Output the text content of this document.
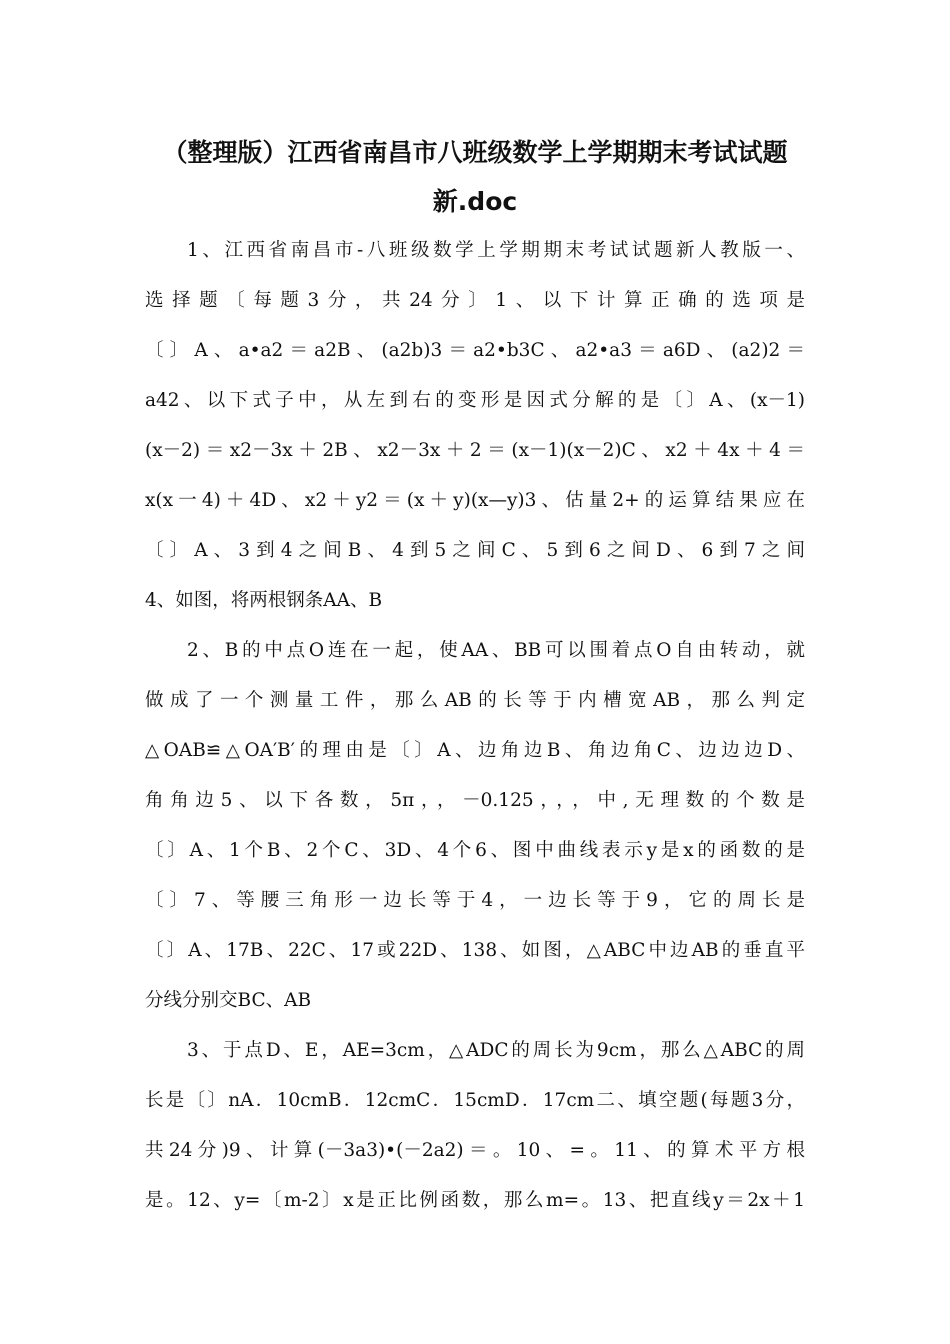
（整理版）江西省南昌市八班级数学上学期期末考试试题
新.doc
1、江西省南昌市-八班级数学上学期期末考试试题新人教版一、
选择题〔每题3分，共24分〕1、以下计算正确的选项是
〔〕A、a•a2＝a2B、(a2b)3＝a2•b3C、a2•a3＝a6D、(a2)2＝
a42、以下式子中，从左到右的变形是因式分解的是〔〕A、(x－1)
(x－2)＝x2－3x＋2B、x2－3x＋2＝(x－1)(x－2)C、x2＋4x＋4＝
x(x一4)＋4D、x2＋y2＝(x＋y)(x—y)3、估量2+的运算结果应在
〔〕A、3到4之间B、4到5之间C、5到6之间D、6到7之间
4、如图，将两根钢条AA、B
2、B的中点O连在一起，使AA、BB可以围着点O自由转动，就
做成了一个测量工件，那么AB的长等于内槽宽AB，那么判定
△OAB≌△OA′B′的理由是〔〕A、边角边B、角边角C、边边边D、
角角边5、以下各数，5π，，－0.125，，，中,无理数的个数是
〔〕A、1个B、2个C、3D、4个6、图中曲线表示y是x的函数的是
〔〕7、等腰三角形一边长等于4，一边长等于9，它的周长是
〔〕A、17B、22C、17或22D、138、如图，△ABC中边AB的垂直平
分线分别交BC、AB
3、于点D、E，AE=3cm，△ADC的周长为9cm，那么△ABC的周
长是〔〕nA．10cmB．12cmC．15cmD．17cm二、填空题(每题3分，
共24分)9、计算(－3a3)•(－2a2)＝。10、=。11、的算术平方根
是。12、y=〔m-2〕x是正比例函数，那么m=。13、把直线y＝2x＋1
